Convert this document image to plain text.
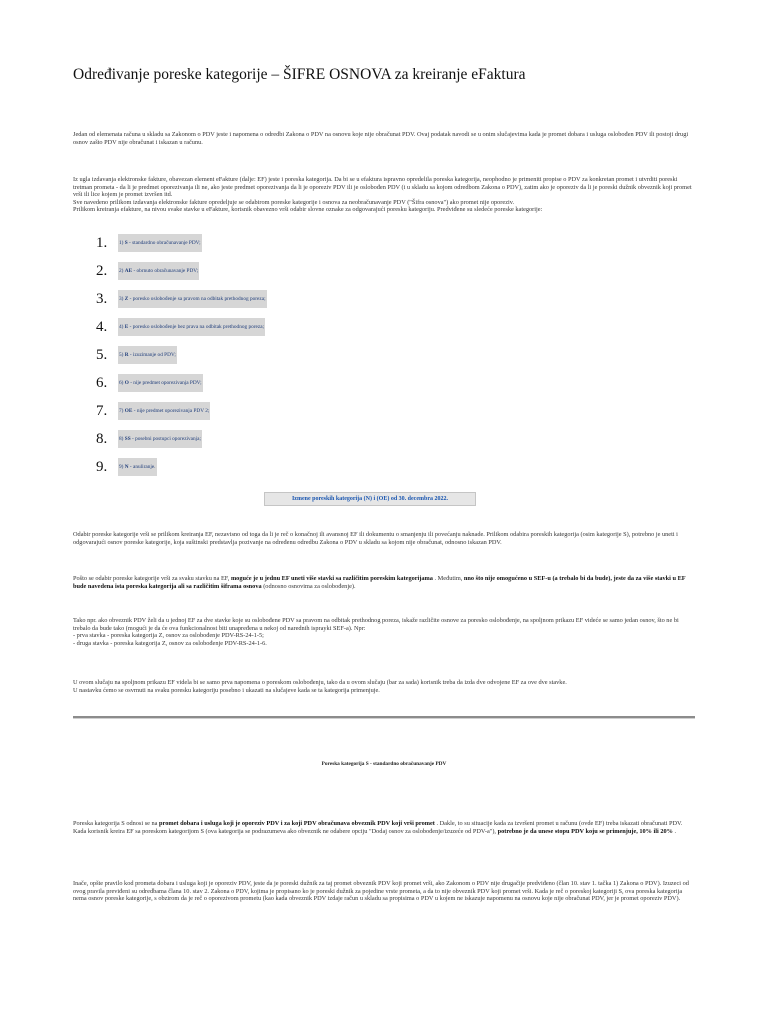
Određivanje poreske kategorije – ŠIFRE OSNOVA za kreiranje eFaktura

Jedan od elemenata računa u skladu sa Zakonom o PDV jeste i napomena o odredbi Zakona o PDV na osnovu koje nije obračunat PDV. Ovaj podatak navodi se u onim slučajevima kada je promet dobara i usluga oslobođen PDV ili postoji drugi osnov zašto PDV nije obračunat i iskazan u računu.

Iz ugla izdavanja elektronske fakture, obavezan element eFakture (dalje: EF) jeste i poreska kategorija. Da bi se u efaktura ispravno opredelila poreska kategorija, neophodno je primeniti propise o PDV za konkretan promet i utvrditi poreski tretman prometa - da li je predmet oporezivanja ili ne, ako jeste predmet oporezivanja da li je oporeziv PDV ili je oslobođen PDV (i u skladu sa kojom odredbom Zakona o PDV), zatim ako je oporeziv da li je poreski dužnik obveznik koji promet vrši ili lice kojem je promet izvršen itd.
Sve navedeno prilikom izdavanja elektronske fakture opredeljuje se odabirom poreske kategorije i osnova za neobračunavanje PDV ("Šifra osnova") ako promet nije oporeziv.
Prilikom kreiranja efakture, na nivou svake stavke u eFakture, korisnik obavezno vrši odabir slovne oznake za odgovarajući poresku kategoriju. Predviđene su sledeće poreske kategorije:

1.	1) S - standardno obračunavanje PDV;
2.	2) AE - obrnuto obračunavanje PDV;
3.	3) Z - poresko oslobođenje sa pravom na odbitak prethodnog poreza;
4.	4) E - poresko oslobođenje bez prava na odbitak prethodnog poreza;
5.	5) R - izuzimanje od PDV;
6.	6) O - nije predmet oporezivanja PDV;
7.	7) OE - nije predmet oporezivanja PDV 2;
8.	8) SS - posebni postupci oporezivanja;
9.	9) N - anuliranje.
Izmene poreskih kategorija (N) i (OE) od 30. decembra 2022.

Odabir poreske kategorije vrši se prilikom kreiranja EF, nezavisno od toga da li je reč o konačnoj ili avansnoj EF ili dokumentu o smanjenju ili povećanju naknade. Prilikom odabira poreskih kategorija (osim kategorije S), potrebno je uneti i odgovarajući osnov poreske kategorije, koja suštinski predstavlja pozivanje na određenu odredbu Zakona o PDV u skladu sa kojom nije obračunat, odnosno iskazan PDV.

Pošto se odabir poreske kategorije vrši za svaku stavku na EF, moguće je u jednu EF uneti više stavki sa različitim poreskim kategorijama . Međutim, nno što nije omogućeno u SEF-u (a trebalo bi da bude), jeste da za više stavki u EF bude navedena ista poreska kategorija ali sa različitim šiframa osnova (odnosno osnovima za oslobođenje).

Tako npr. ako obveznik PDV želi da u jednoj EF za dve stavke koje su oslobođene PDV sa pravom na odbitak prethodnog poreza, iskaže različite osnove za poresko oslobođenje, na spoljnom prikazu EF videće se samo jedan osnov, što ne bi trebalo da bude tako (mogući je da će ova funkcionalnost biti unapređena u nekoj od narednih isprayki SEF-a). Npr:
- prva stavka - poreska kategorija Z, osnov za oslobođenje PDV-RS-24-1-5;
- druga stavka - poreska kategorija Z, osnov za oslobođenje PDV-RS-24-1-6.

U ovom slučaju na spoljnom prikazu EF videla bi se samo prva napomena o poreskom oslobođenju, tako da u ovom slučaju (bar za sada) korisnik treba da izda dve odvojene EF za ove dve stavke.
U nastavku ćemo se osvrnuti na svaku poresku kategoriju posebno i ukazati na slučajeve kada se ta kategorija primenjuje.

Poreska kategorija S - standardno obračunavanje PDV

Poreska kategorija S odnosi se na promet dobara i usluga koji je oporeziv PDV i za koji PDV obračunava obveznik PDV koji vrši promet . Dakle, to su situacije kada za izvršeni promet u računu (ovde EF) treba iskazati obračunati PDV.
Kada korisnik kreira EF sa poreskom kategorijom S (ova kategorija se podrazumeva ako obveznik ne odabere opciju "Dodaj osnov za oslobođenje/izuzeće od PDV-a"), potrebno je da unese stopu PDV koju se primenjuje, 10% ili 20% .

Inače, opšte pravilo kod prometa dobara i usluga koji je oporeziv PDV, jeste da je poreski dužnik za taj promet obveznik PDV koji promet vrši, ako Zakonom o PDV nije drugačije predviđeno (član 10. stav 1. tačka 1) Zakona o PDV). Izuzeci od ovog pravila previđeni su odredbama člana 10. stav 2. Zakona o PDV, kojima je propisano ko je poreski dužnik za pojedine vrste prometa, a da to nije obveznik PDV koji promet vrši. Kada je reč o poreskoj kategoriji S, ova poreska kategorija nema osnov poreske kategorije, s obzirom da je reč o oporezivom prometu (kao kada obveznik PDV izdaje račun u skladu sa propisima o PDV u kojem ne iskazuje napomenu na osnovu koje nije obračunat PDV, jer je promet oporeziv PDV).
